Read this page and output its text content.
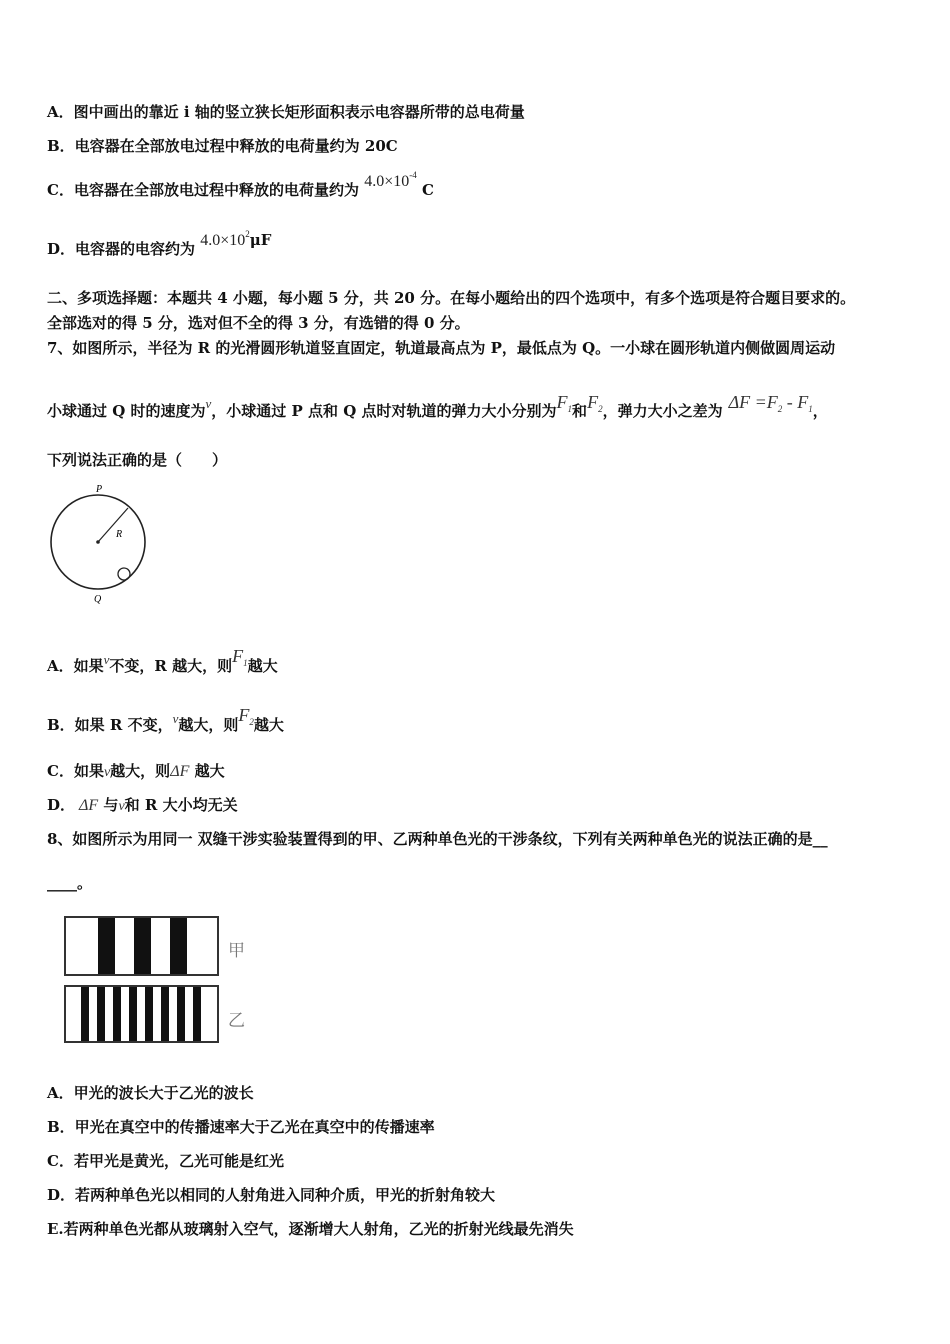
A．图中画出的靠近 i 轴的竖立狭长矩形面积表示电容器所带的总电荷量
B．电容器在全部放电过程中释放的电荷量约为 20C
C．电容器在全部放电过程中释放的电荷量约为 $4.0\times 10^{-4}$ C
D．电容器的电容约为 $4.0\times 10^2\mu F$
二、多项选择题：本题共 4 小题，每小题 5 分，共 20 分。在每小题给出的四个选项中，有多个选项是符合题目要求的。
全部选对的得 5 分，选对但不全的得 3 分，有选错的得 0 分。
7、如图所示，半径为 R 的光滑圆形轨道竖直固定，轨道最高点为 P，最低点为 Q。一小球在圆形轨道内侧做圆周运动
小球通过 Q 时的速度为v，小球通过 P 点和 Q 点时对轨道的弹力大小分别为$F_1$和$F_2$，弹力大小之差为 $\Delta F =F_2 - F_1$，
下列说法正确的是（　　）
P
R
Q
A．如果v不变，R 越大，则$F_1$越大
B．如果 R 不变，v越大，则$F_2$越大
C．如果v越大，则ΔF 越大
D． ΔF 与v和 R 大小均无关
8、如图所示为用同一 双缝干涉实验装置得到的甲、乙两种单色光的干涉条纹，下列有关两种单色光的说法正确的是__
____。
甲
乙
A．甲光的波长大于乙光的波长
B．甲光在真空中的传播速率大于乙光在真空中的传播速率
C．若甲光是黄光，乙光可能是红光
D．若两种单色光以相同的人射角进入同种介质，甲光的折射角较大
E.若两种单色光都从玻璃射入空气，逐渐增大人射角，乙光的折射光线最先消失
